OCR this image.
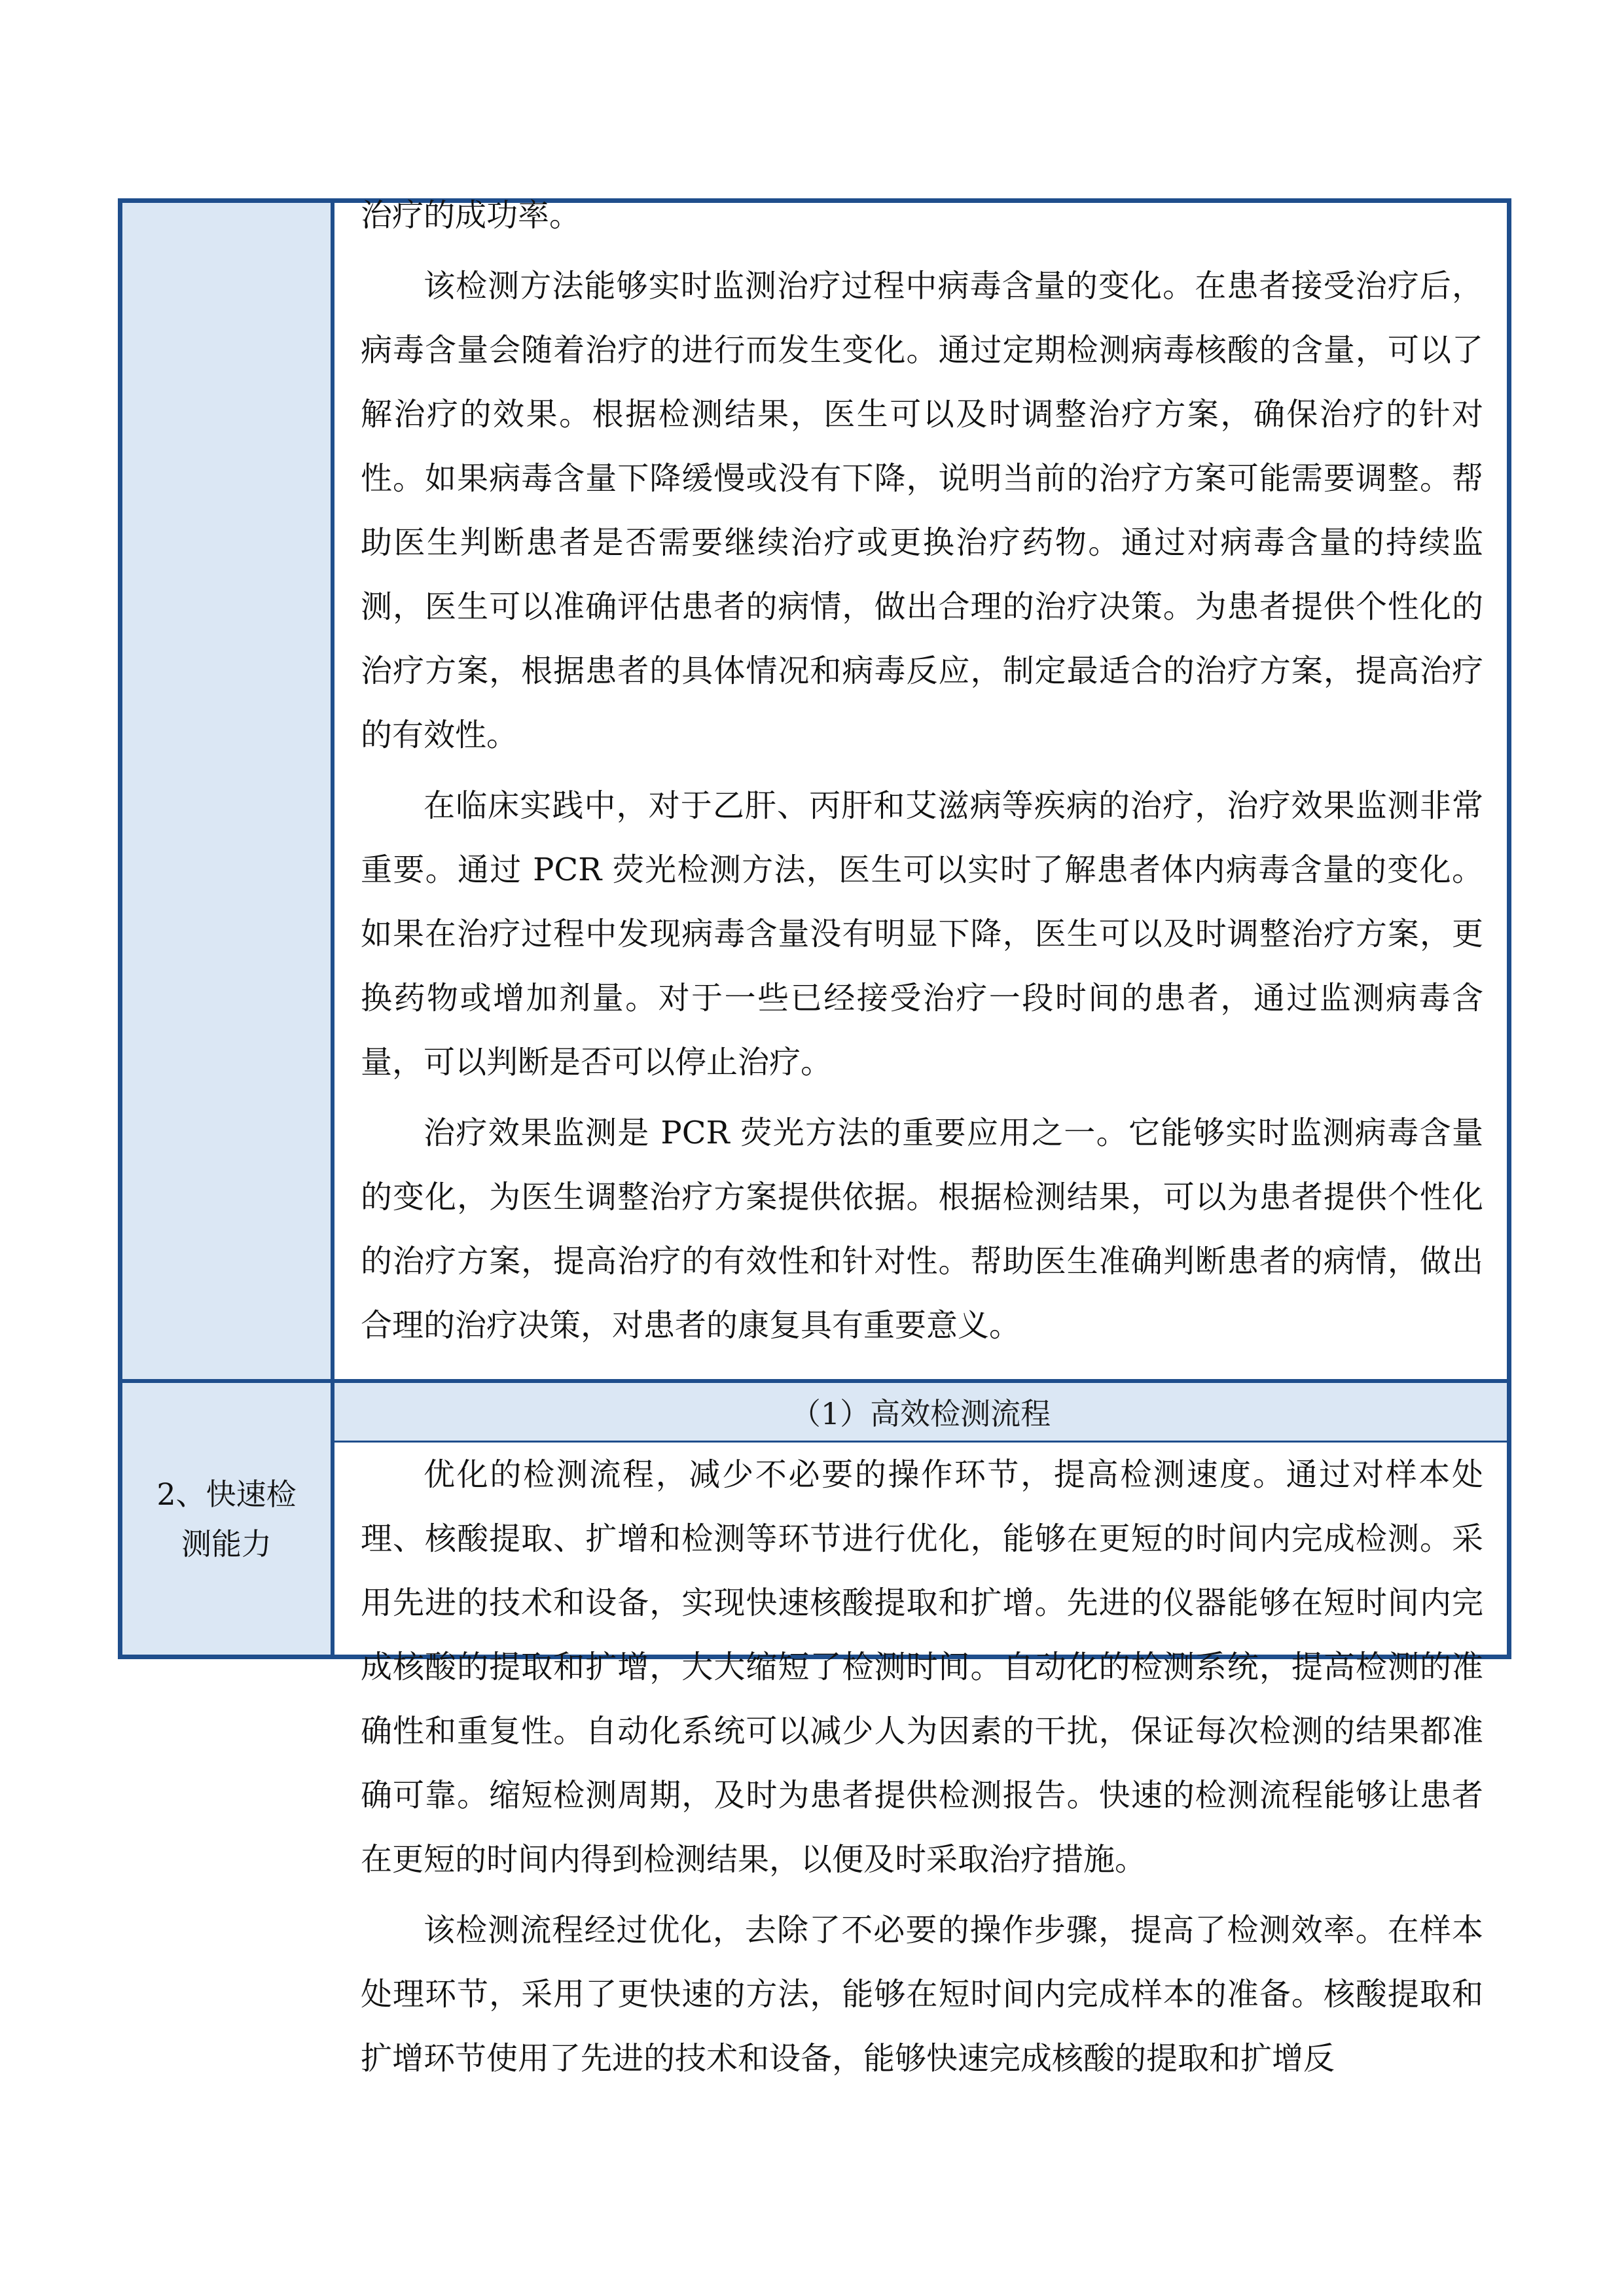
治疗的成功率。

该检测方法能够实时监测治疗过程中病毒含量的变化。在患者接受治疗后，病毒含量会随着治疗的进行而发生变化。通过定期检测病毒核酸的含量，可以了解治疗的效果。根据检测结果，医生可以及时调整治疗方案，确保治疗的针对性。如果病毒含量下降缓慢或没有下降，说明当前的治疗方案可能需要调整。帮助医生判断患者是否需要继续治疗或更换治疗药物。通过对病毒含量的持续监测，医生可以准确评估患者的病情，做出合理的治疗决策。为患者提供个性化的治疗方案，根据患者的具体情况和病毒反应，制定最适合的治疗方案，提高治疗的有效性。

在临床实践中，对于乙肝、丙肝和艾滋病等疾病的治疗，治疗效果监测非常重要。通过 PCR 荧光检测方法，医生可以实时了解患者体内病毒含量的变化。如果在治疗过程中发现病毒含量没有明显下降，医生可以及时调整治疗方案，更换药物或增加剂量。对于一些已经接受治疗一段时间的患者，通过监测病毒含量，可以判断是否可以停止治疗。

治疗效果监测是 PCR 荧光方法的重要应用之一。它能够实时监测病毒含量的变化，为医生调整治疗方案提供依据。根据检测结果，可以为患者提供个性化的治疗方案，提高治疗的有效性和针对性。帮助医生准确判断患者的病情，做出合理的治疗决策，对患者的康复具有重要意义。

2、快速检测能力
（1）高效检测流程

优化的检测流程，减少不必要的操作环节，提高检测速度。通过对样本处理、核酸提取、扩增和检测等环节进行优化，能够在更短的时间内完成检测。采用先进的技术和设备，实现快速核酸提取和扩增。先进的仪器能够在短时间内完成核酸的提取和扩增，大大缩短了检测时间。自动化的检测系统，提高检测的准确性和重复性。自动化系统可以减少人为因素的干扰，保证每次检测的结果都准确可靠。缩短检测周期，及时为患者提供检测报告。快速的检测流程能够让患者在更短的时间内得到检测结果，以便及时采取治疗措施。

该检测流程经过优化，去除了不必要的操作步骤，提高了检测效率。在样本处理环节，采用了更快速的方法，能够在短时间内完成样本的准备。核酸提取和扩增环节使用了先进的技术和设备，能够快速完成核酸的提取和扩增反
